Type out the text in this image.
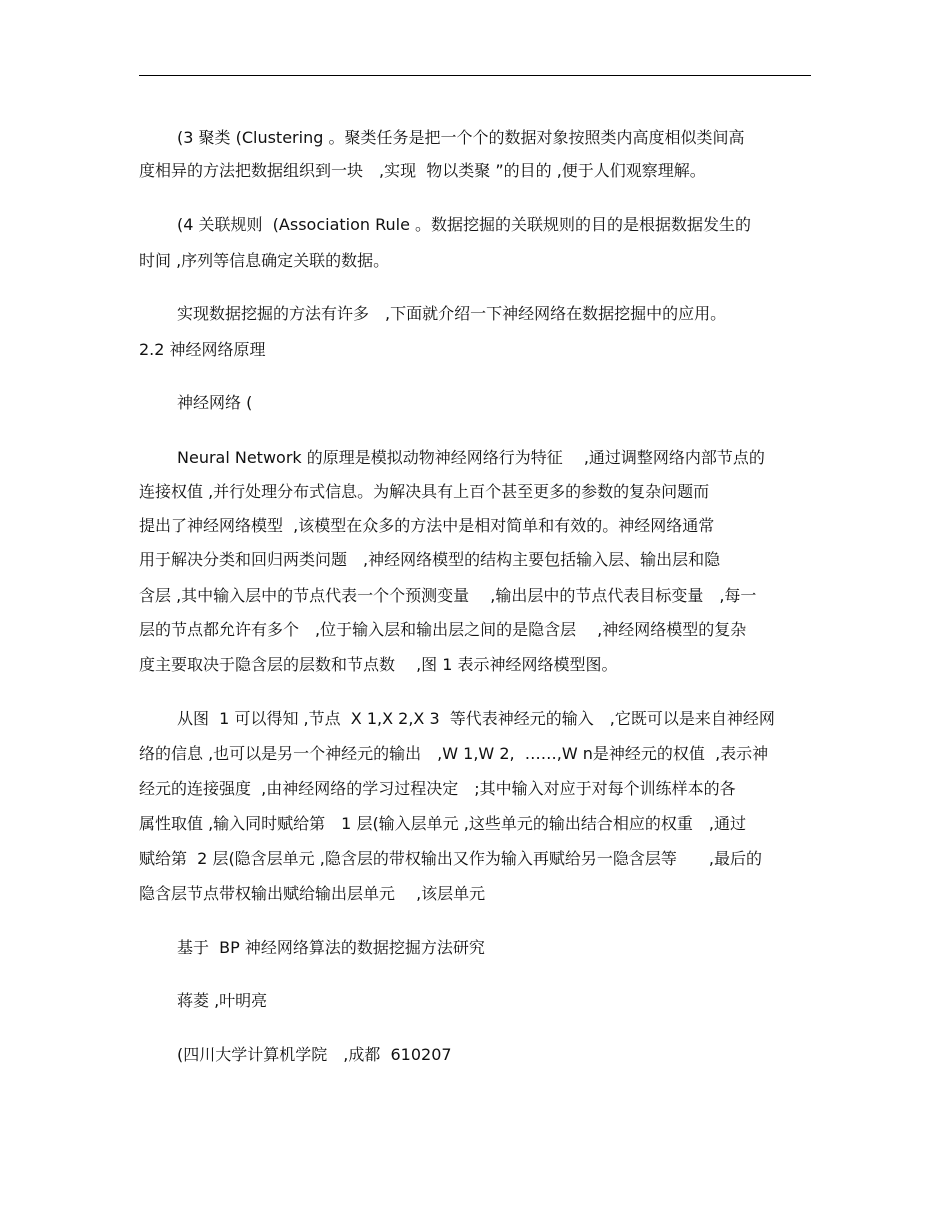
(3 聚类 (Clustering 。聚类任务是把一个个的数据对象按照类内高度相似类间高

度相异的方法把数据组织到一块　,实现  物以类聚 ”的目的 ,便于人们观察理解。

(4 关联规则  (Association Rule 。数据挖掘的关联规则的目的是根据数据发生的

时间 ,序列等信息确定关联的数据。

实现数据挖掘的方法有许多　,下面就介绍一下神经网络在数据挖掘中的应用。

2.2 神经网络原理

神经网络 (

Neural Network 的原理是模拟动物神经网络行为特征　 ,通过调整网络内部节点的

连接权值 ,并行处理分布式信息。为解决具有上百个甚至更多的参数的复杂问题而

提出了神经网络模型  ,该模型在众多的方法中是相对简单和有效的。神经网络通常

用于解决分类和回归两类问题　,神经网络模型的结构主要包括输入层、输出层和隐

含层 ,其中输入层中的节点代表一个个预测变量　 ,输出层中的节点代表目标变量　,每一

层的节点都允许有多个　,位于输入层和输出层之间的是隐含层　 ,神经网络模型的复杂

度主要取决于隐含层的层数和节点数　 ,图 1 表示神经网络模型图。

从图  1 可以得知 ,节点  X 1,X 2,X 3  等代表神经元的输入　,它既可以是来自神经网

络的信息 ,也可以是另一个神经元的输出　,W 1,W 2,  ……,W n是神经元的权值  ,表示神

经元的连接强度  ,由神经网络的学习过程决定　;其中输入对应于对每个训练样本的各

属性取值 ,输入同时赋给第　1 层(输入层单元 ,这些单元的输出结合相应的权重　,通过

赋给第  2 层(隐含层单元 ,隐含层的带权输出又作为输入再赋给另一隐含层等　　,最后的

隐含层节点带权输出赋给输出层单元　 ,该层单元

基于  BP 神经网络算法的数据挖掘方法研究

蒋菱 ,叶明亮

(四川大学计算机学院　,成都  610207
